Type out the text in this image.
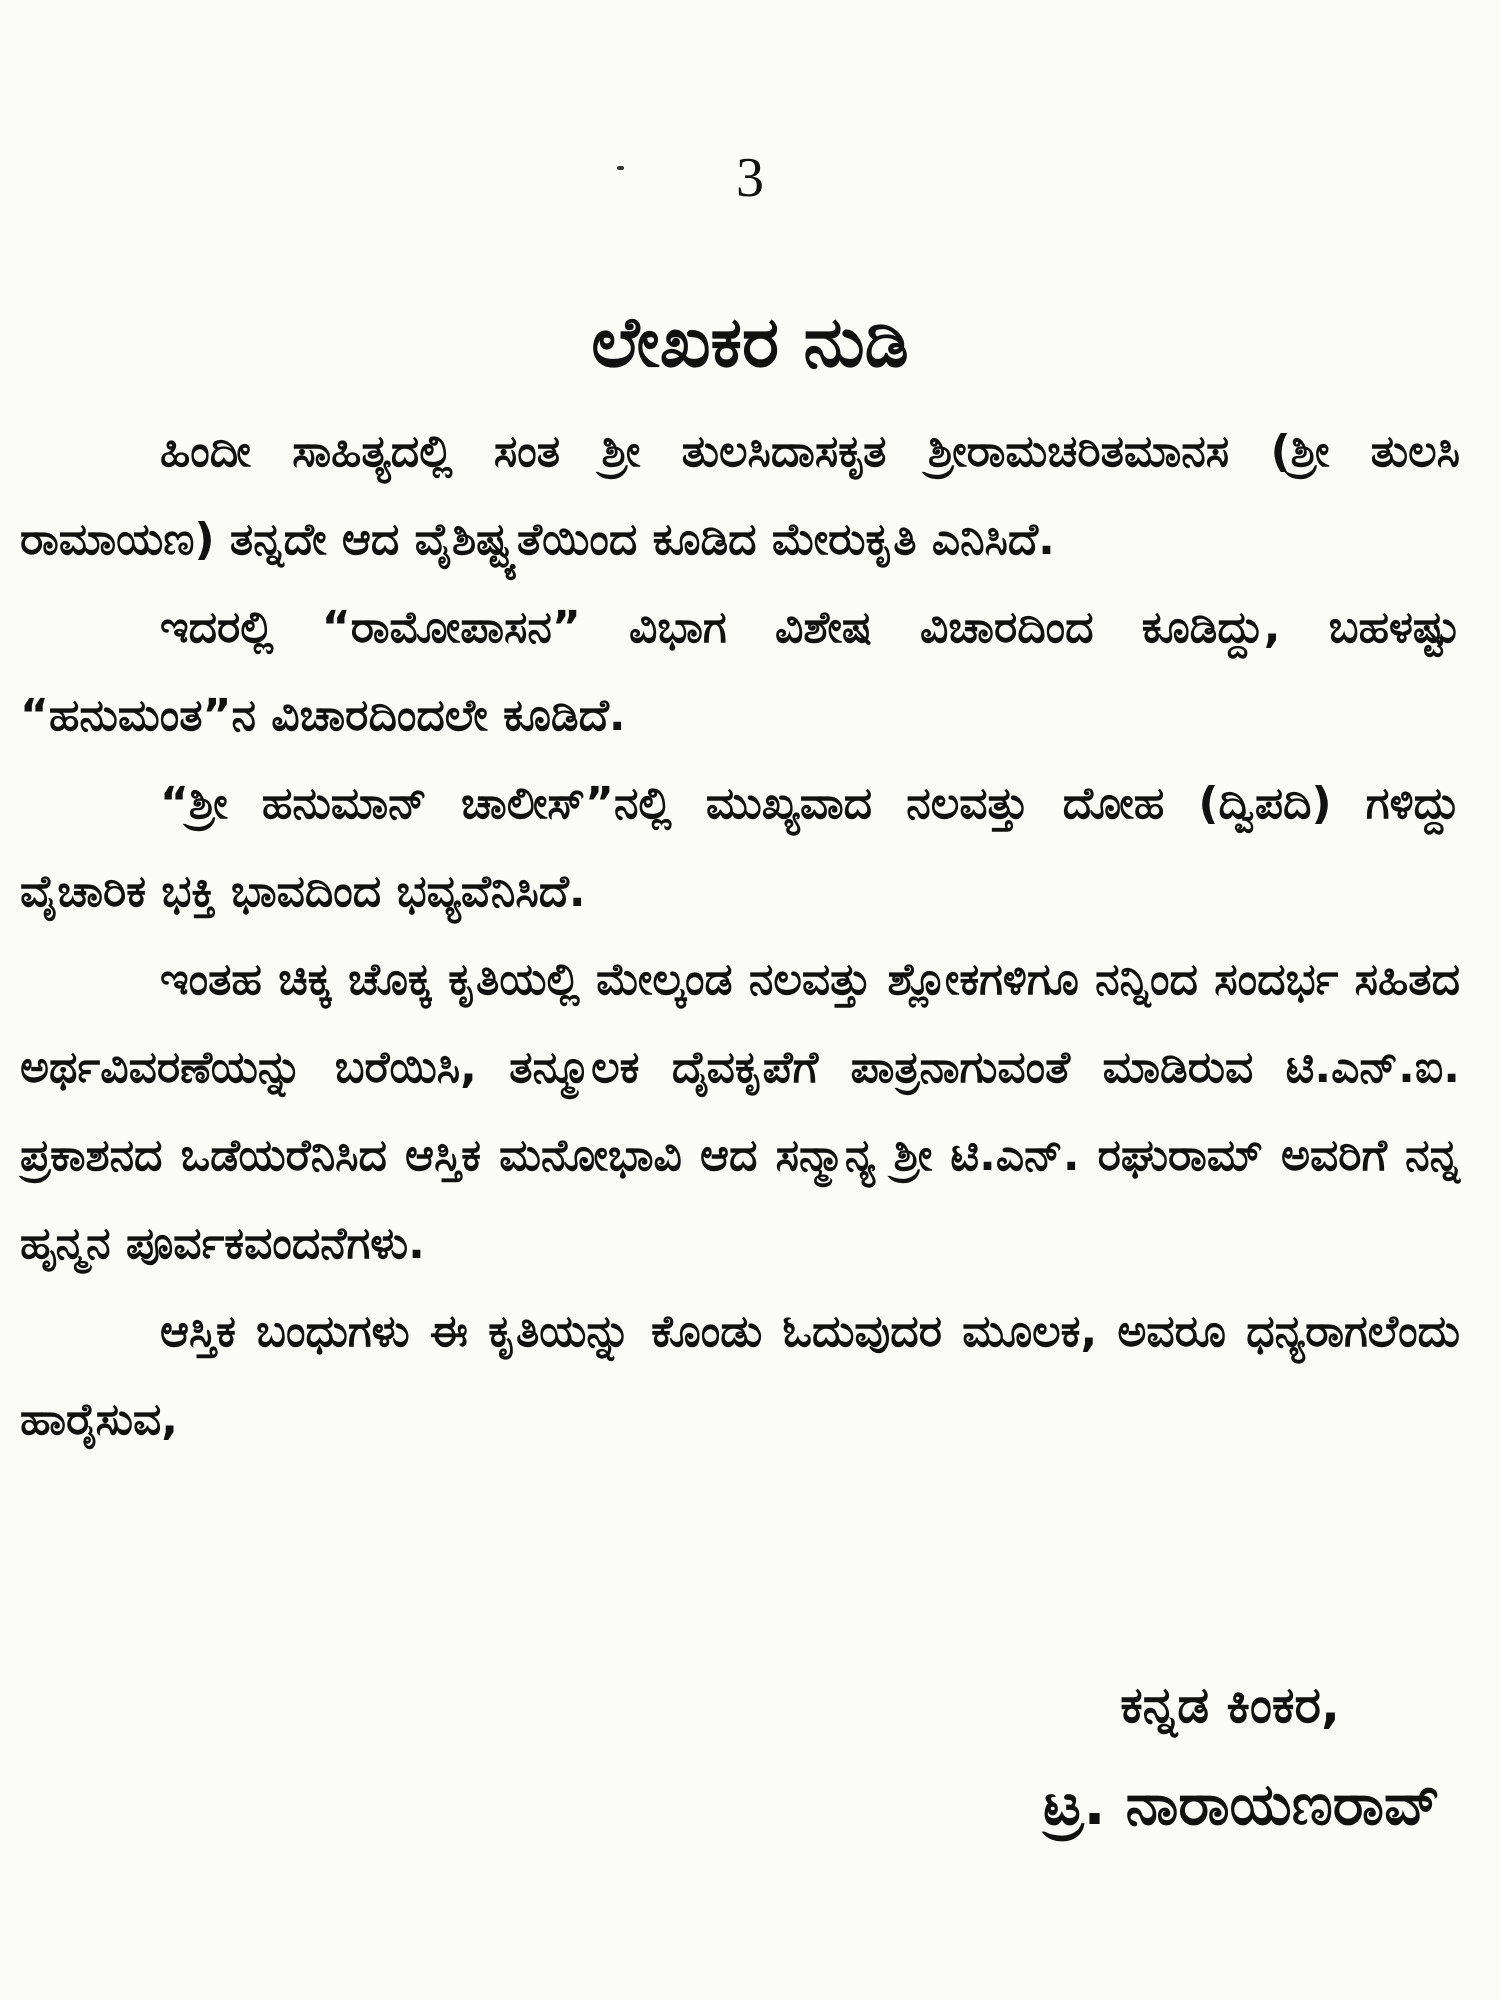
3
ಲೇಖಕರ ನುಡಿ

ಹಿಂದೀ ಸಾಹಿತ್ಯದಲ್ಲಿ ಸಂತ ಶ್ರೀ ತುಲಸಿದಾಸಕೃತ ಶ್ರೀರಾಮಚರಿತಮಾನಸ (ಶ್ರೀ ತುಲಸಿ ರಾಮಾಯಣ) ತನ್ನದೇ ಆದ ವೈಶಿಷ್ಟ್ಯತೆಯಿಂದ ಕೂಡಿದ ಮೇರುಕೃತಿ ಎನಿಸಿದೆ.

ಇದರಲ್ಲಿ “ರಾಮೋಪಾಸನ” ವಿಭಾಗ ವಿಶೇಷ ವಿಚಾರದಿಂದ ಕೂಡಿದ್ದು, ಬಹಳಷ್ಟು “ಹನುಮಂತ”ನ ವಿಚಾರದಿಂದಲೇ ಕೂಡಿದೆ.

“ಶ್ರೀ ಹನುಮಾನ್ ಚಾಲೀಸ್”ನಲ್ಲಿ ಮುಖ್ಯವಾದ ನಲವತ್ತು ದೋಹ (ದ್ವಿಪದಿ) ಗಳಿದ್ದು ವೈಚಾರಿಕ ಭಕ್ತಿ ಭಾವದಿಂದ ಭವ್ಯವೆನಿಸಿದೆ.

ಇಂತಹ ಚಿಕ್ಕ ಚೊಕ್ಕ ಕೃತಿಯಲ್ಲಿ ಮೇಲ್ಕಂಡ ನಲವತ್ತು ಶ್ಲೋಕಗಳಿಗೂ ನನ್ನಿಂದ ಸಂದರ್ಭ ಸಹಿತದ ಅರ್ಥವಿವರಣೆಯನ್ನು ಬರೆಯಿಸಿ, ತನ್ಮೂಲಕ ದೈವಕೃಪೆಗೆ ಪಾತ್ರನಾಗುವಂತೆ ಮಾಡಿರುವ ಟಿ.ಎನ್.ಐ. ಪ್ರಕಾಶನದ ಒಡೆಯರೆನಿಸಿದ ಆಸ್ತಿಕ ಮನೋಭಾವಿ ಆದ ಸನ್ಮಾನ್ಯ ಶ್ರೀ ಟಿ.ಎನ್. ರಘುರಾಮ್ ಅವರಿಗೆ ನನ್ನ ಹೃನ್ಮನ ಪೂರ್ವಕವಂದನೆಗಳು.

ಆಸ್ತಿಕ ಬಂಧುಗಳು ಈ ಕೃತಿಯನ್ನು ಕೊಂಡು ಓದುವುದರ ಮೂಲಕ, ಅವರೂ ಧನ್ಯರಾಗಲೆಂದು ಹಾರೈಸುವ,

ಕನ್ನಡ ಕಿಂಕರ,
ಟ್ರ. ನಾರಾಯಣರಾವ್
